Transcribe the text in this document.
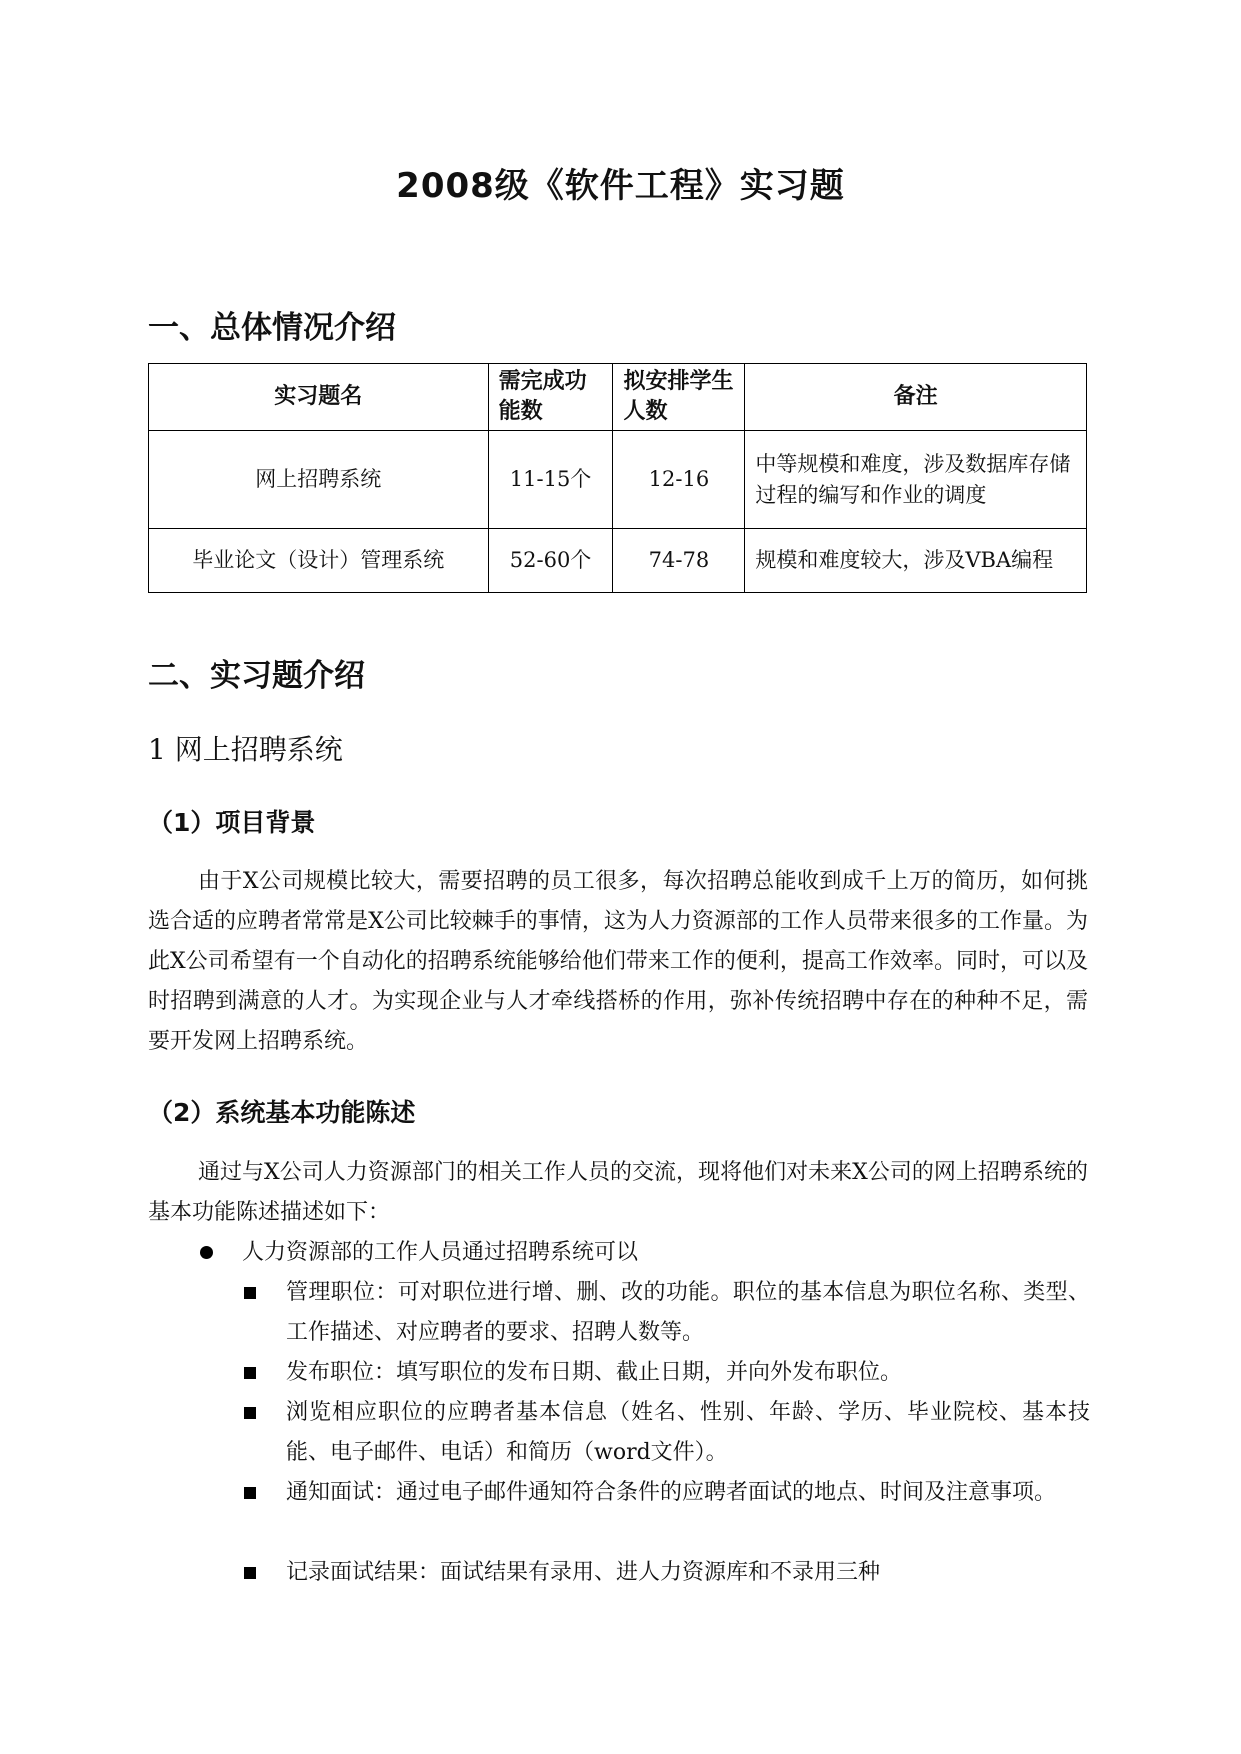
2008级《软件工程》实习题
一、总体情况介绍
实习题名	需完成功能数	拟安排学生人数	备注
网上招聘系统	11-15个	12-16	中等规模和难度，涉及数据库存储过程的编写和作业的调度
毕业论文（设计）管理系统	52-60个	74-78	规模和难度较大，涉及VBA编程
二、实习题介绍
1 网上招聘系统
（1）项目背景
由于X公司规模比较大，需要招聘的员工很多，每次招聘总能收到成千上万的简历，如何挑选合适的应聘者常常是X公司比较棘手的事情，这为人力资源部的工作人员带来很多的工作量。为此X公司希望有一个自动化的招聘系统能够给他们带来工作的便利，提高工作效率。同时，可以及时招聘到满意的人才。为实现企业与人才牵线搭桥的作用，弥补传统招聘中存在的种种不足，需要开发网上招聘系统。
（2）系统基本功能陈述
通过与X公司人力资源部门的相关工作人员的交流，现将他们对未来X公司的网上招聘系统的基本功能陈述描述如下：
人力资源部的工作人员通过招聘系统可以
管理职位：可对职位进行增、删、改的功能。职位的基本信息为职位名称、类型、工作描述、对应聘者的要求、招聘人数等。
发布职位：填写职位的发布日期、截止日期，并向外发布职位。
浏览相应职位的应聘者基本信息（姓名、性别、年龄、学历、毕业院校、基本技能、电子邮件、电话）和简历（word文件）。
通知面试：通过电子邮件通知符合条件的应聘者面试的地点、时间及注意事项。
记录面试结果：面试结果有录用、进人力资源库和不录用三种
